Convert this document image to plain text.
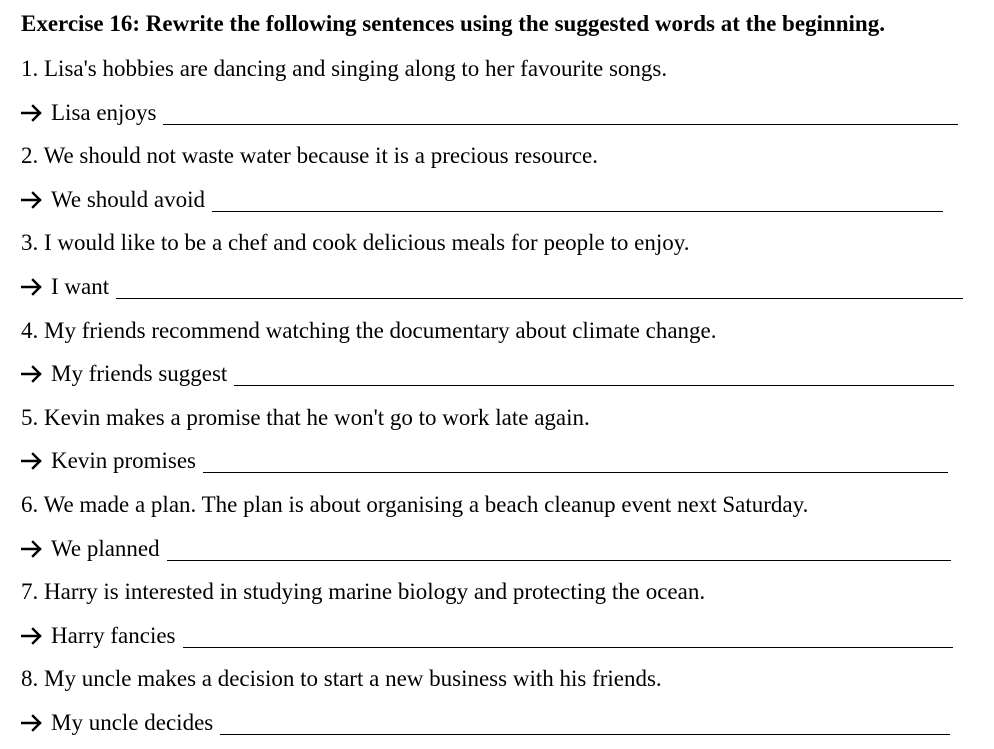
Exercise 16: Rewrite the following sentences using the suggested words at the beginning.
1. Lisa's hobbies are dancing and singing along to her favourite songs.
Lisa enjoys
2. We should not waste water because it is a precious resource.
We should avoid
3. I would like to be a chef and cook delicious meals for people to enjoy.
I want
4. My friends recommend watching the documentary about climate change.
My friends suggest
5. Kevin makes a promise that he won't go to work late again.
Kevin promises
6. We made a plan. The plan is about organising a beach cleanup event next Saturday.
We planned
7. Harry is interested in studying marine biology and protecting the ocean.
Harry fancies
8. My uncle makes a decision to start a new business with his friends.
My uncle decides
